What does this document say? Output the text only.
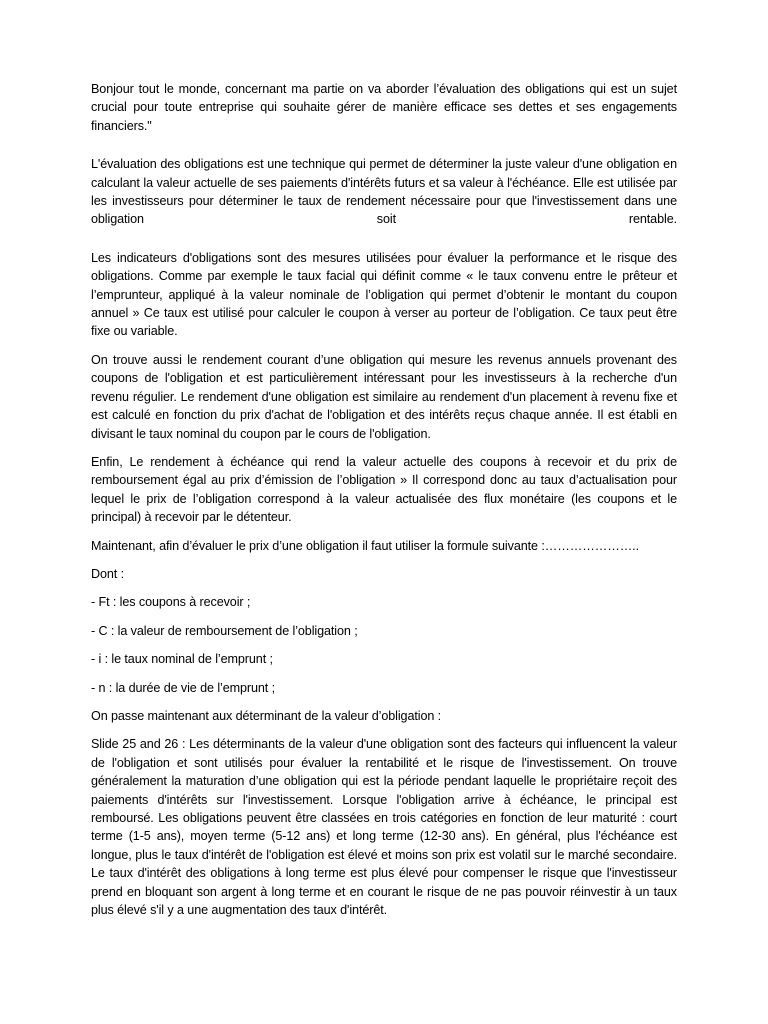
Bonjour tout le monde, concernant ma partie on va aborder l’évaluation des obligations qui est un sujet crucial pour toute entreprise qui souhaite gérer de manière efficace ses dettes et ses engagements financiers."

L'évaluation des obligations est une technique qui permet de déterminer la juste valeur d'une obligation en calculant la valeur actuelle de ses paiements d'intérêts futurs et sa valeur à l'échéance. Elle est utilisée par les investisseurs pour déterminer le taux de rendement nécessaire pour que l'investissement dans une obligation soit rentable.

Les indicateurs d'obligations sont des mesures utilisées pour évaluer la performance et le risque des obligations. Comme par exemple le taux facial qui définit comme « le taux convenu entre le prêteur et l’emprunteur, appliqué à la valeur nominale de l’obligation qui permet d’obtenir le montant du coupon annuel » Ce taux est utilisé pour calculer le coupon à verser au porteur de l’obligation. Ce taux peut être fixe ou variable.

On trouve aussi le rendement courant d’une obligation qui mesure les revenus annuels provenant des coupons de l'obligation et est particulièrement intéressant pour les investisseurs à la recherche d'un revenu régulier. Le rendement d'une obligation est similaire au rendement d'un placement à revenu fixe et est calculé en fonction du prix d'achat de l'obligation et des intérêts reçus chaque année. Il est établi en divisant le taux nominal du coupon par le cours de l'obligation.

Enfin, Le rendement à échéance qui rend la valeur actuelle des coupons à recevoir et du prix de remboursement égal au prix d’émission de l’obligation » Il correspond donc au taux d’actualisation pour lequel le prix de l’obligation correspond à la valeur actualisée des flux monétaire (les coupons et le principal) à recevoir par le détenteur.

Maintenant, afin d’évaluer le prix d’une obligation il faut utiliser la formule suivante :…………………..

Dont :

- Ft : les coupons à recevoir ;

- C : la valeur de remboursement de l’obligation ;

- i : le taux nominal de l’emprunt ;

- n : la durée de vie de l’emprunt ;

On passe maintenant aux déterminant de la valeur d’obligation :

Slide 25 and 26 : Les déterminants de la valeur d'une obligation sont des facteurs qui influencent la valeur de l'obligation et sont utilisés pour évaluer la rentabilité et le risque de l'investissement. On trouve généralement la maturation d’une obligation qui est la période pendant laquelle le propriétaire reçoit des paiements d'intérêts sur l'investissement. Lorsque l'obligation arrive à échéance, le principal est remboursé. Les obligations peuvent être classées en trois catégories en fonction de leur maturité : court terme (1-5 ans), moyen terme (5-12 ans) et long terme (12-30 ans). En général, plus l'échéance est longue, plus le taux d'intérêt de l'obligation est élevé et moins son prix est volatil sur le marché secondaire. Le taux d'intérêt des obligations à long terme est plus élevé pour compenser le risque que l'investisseur prend en bloquant son argent à long terme et en courant le risque de ne pas pouvoir réinvestir à un taux plus élevé s'il y a une augmentation des taux d'intérêt.
